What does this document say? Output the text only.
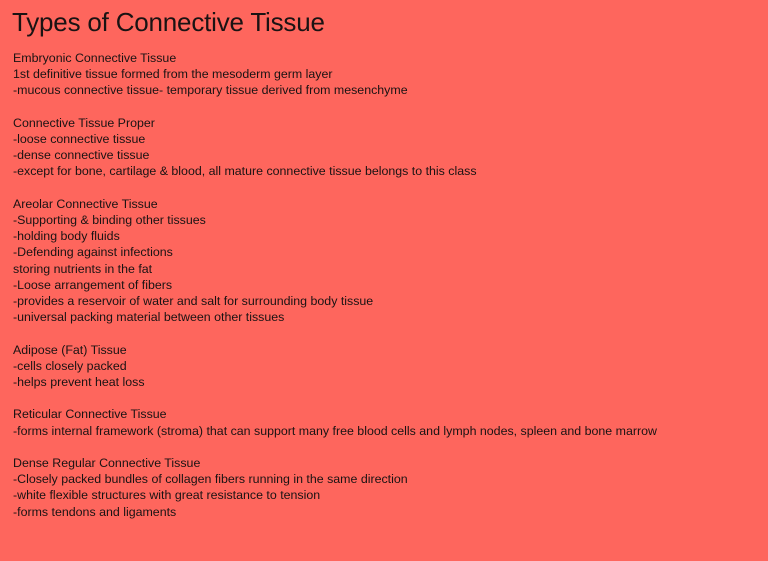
Types of Connective Tissue
Embryonic Connective Tissue
1st definitive tissue formed from the mesoderm germ layer
-mucous connective tissue- temporary tissue derived from mesenchyme
Connective Tissue Proper
-loose connective tissue
-dense connective tissue
-except for bone, cartilage & blood, all mature connective tissue belongs to this class
Areolar Connective Tissue
-Supporting & binding other tissues
-holding body fluids
-Defending against infections
storing nutrients in the fat
-Loose arrangement of fibers
-provides a reservoir of water and salt for surrounding body tissue
-universal packing material between other tissues
Adipose (Fat) Tissue
-cells closely packed
-helps prevent heat loss
Reticular Connective Tissue
-forms internal framework (stroma) that can support many free blood cells and lymph nodes, spleen and bone marrow
Dense Regular Connective Tissue
-Closely packed bundles of collagen fibers running in the same direction
-white flexible structures with great resistance to tension
-forms tendons and ligaments
